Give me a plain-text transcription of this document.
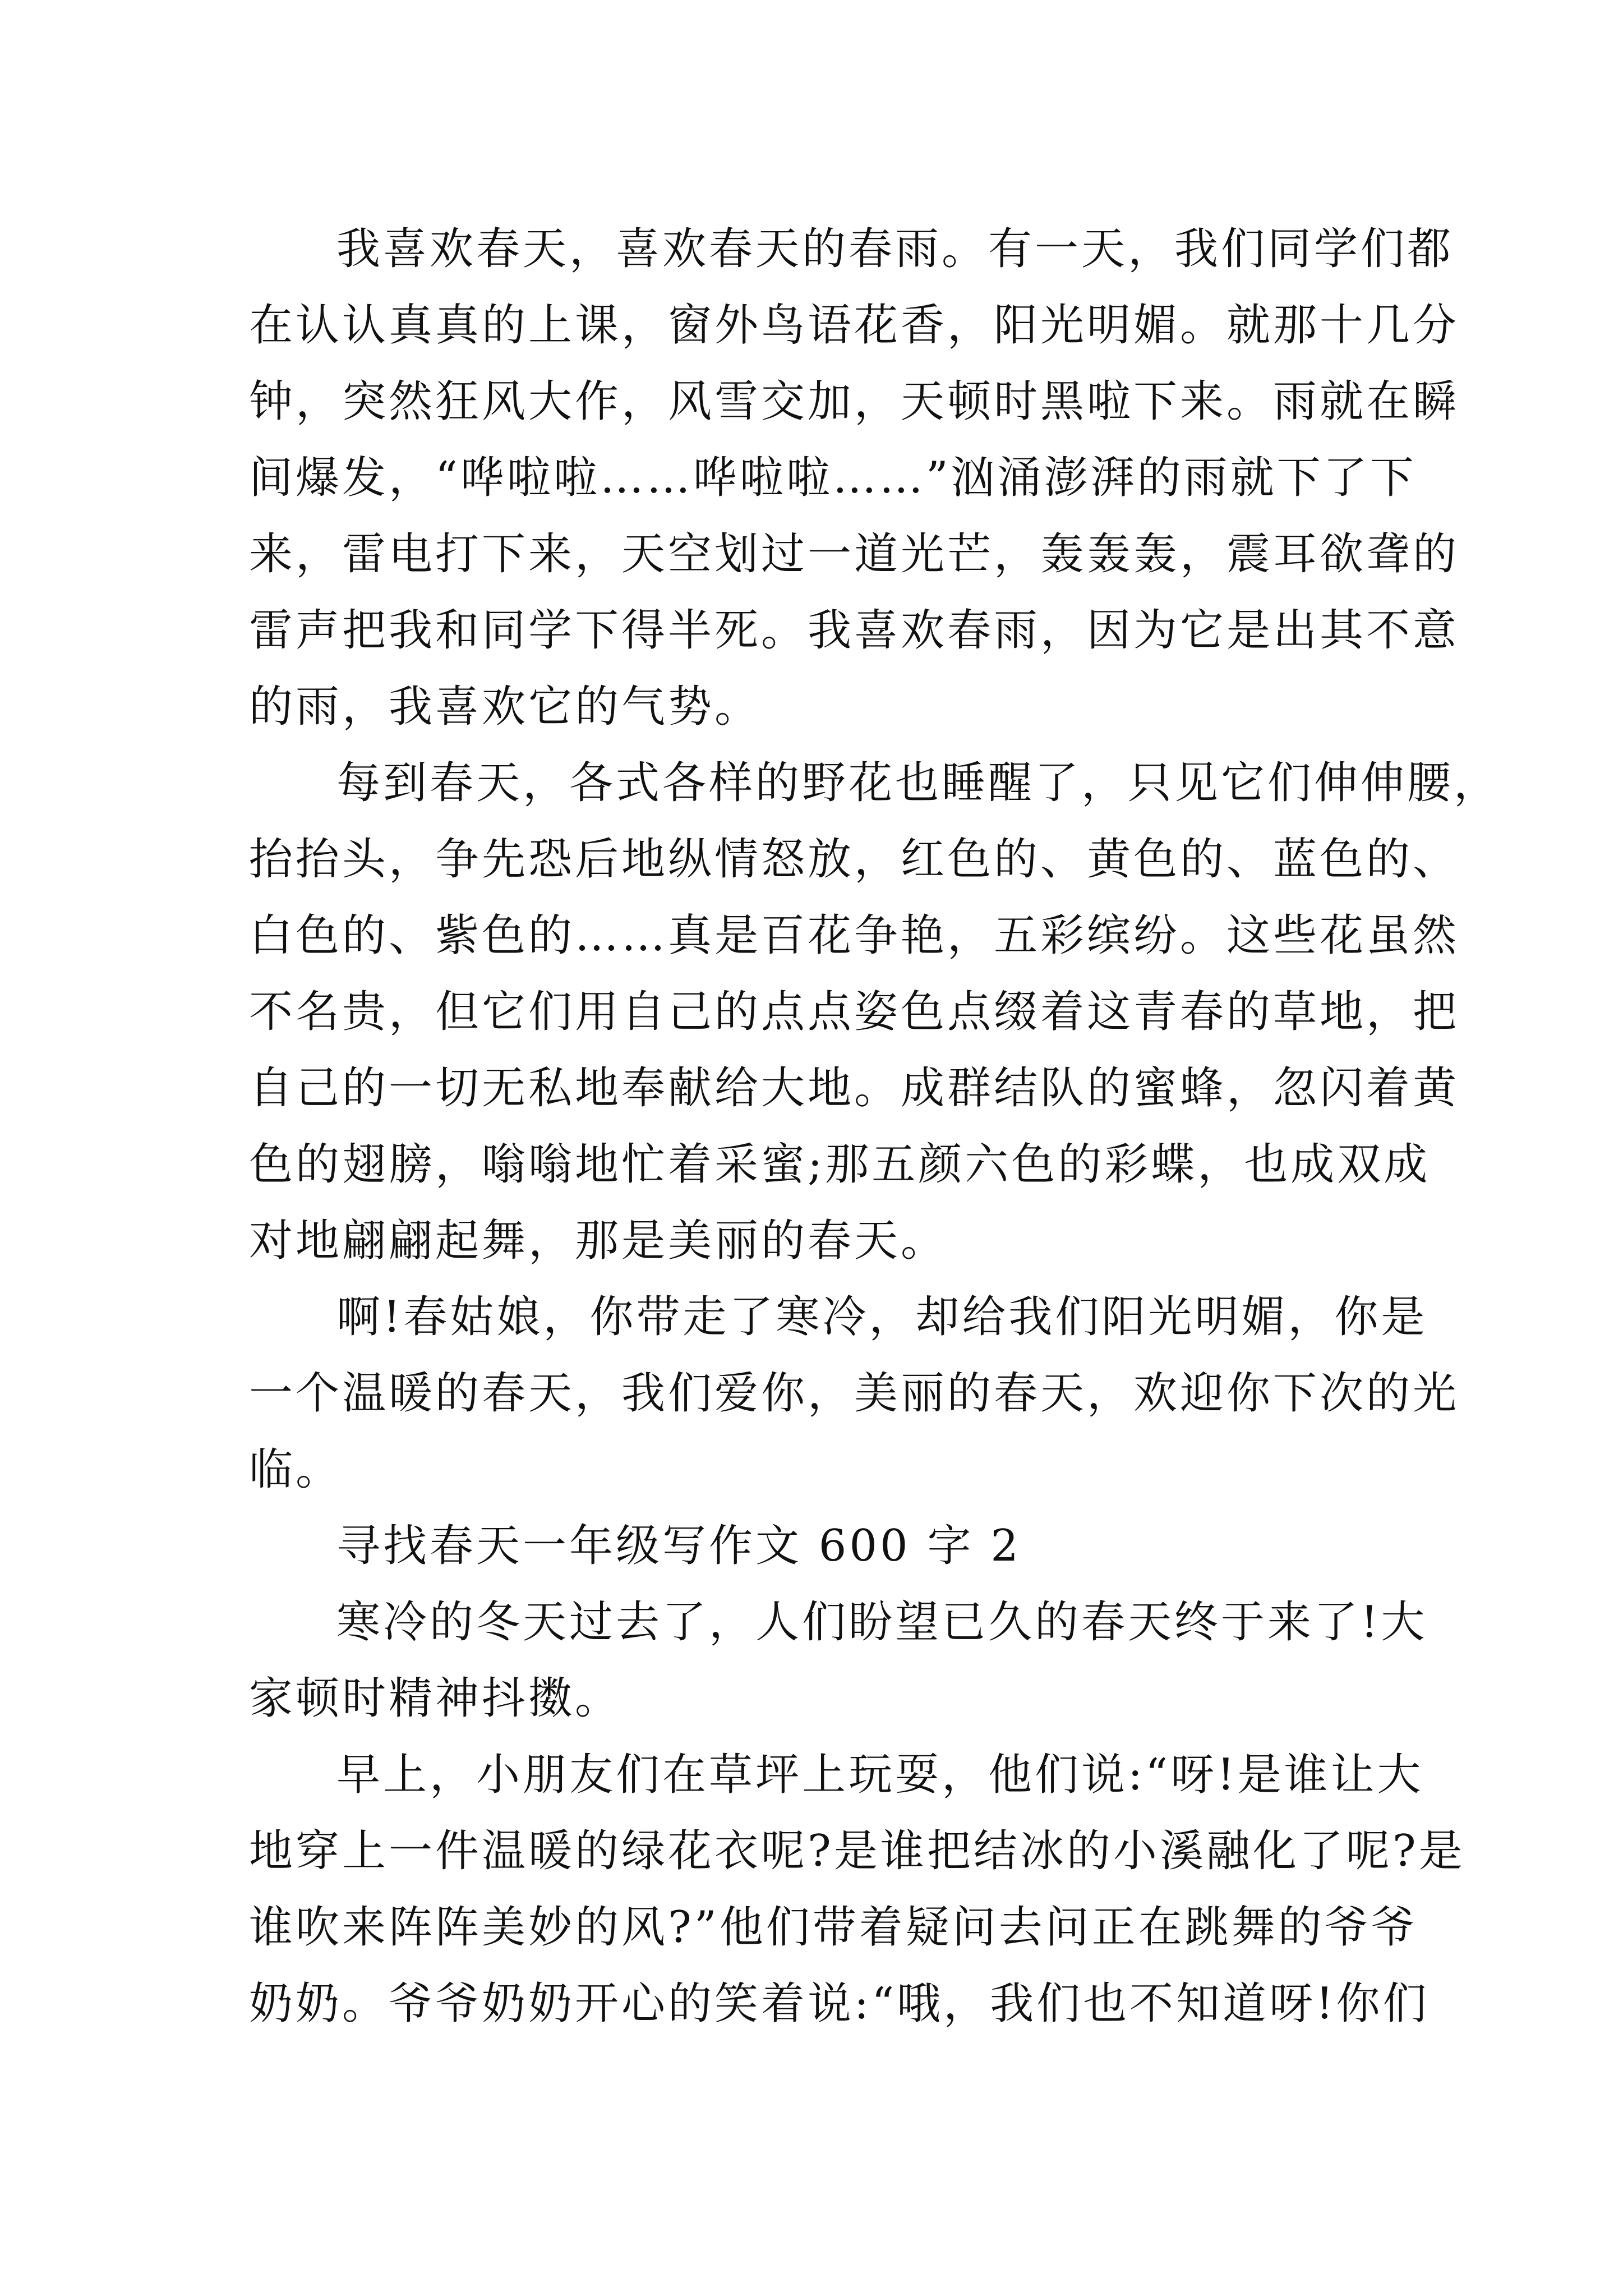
我喜欢春天，喜欢春天的春雨。有一天，我们同学们都
在认认真真的上课，窗外鸟语花香，阳光明媚。就那十几分
钟，突然狂风大作，风雪交加，天顿时黑啦下来。雨就在瞬
间爆发，“哗啦啦……哗啦啦……”汹涌澎湃的雨就下了下
来，雷电打下来，天空划过一道光芒，轰轰轰，震耳欲聋的
雷声把我和同学下得半死。我喜欢春雨，因为它是出其不意
的雨，我喜欢它的气势。
每到春天，各式各样的野花也睡醒了，只见它们伸伸腰，
抬抬头，争先恐后地纵情怒放，红色的、黄色的、蓝色的、
白色的、紫色的……真是百花争艳，五彩缤纷。这些花虽然
不名贵，但它们用自己的点点姿色点缀着这青春的草地，把
自己的一切无私地奉献给大地。成群结队的蜜蜂，忽闪着黄
色的翅膀，嗡嗡地忙着采蜜;那五颜六色的彩蝶，也成双成
对地翩翩起舞，那是美丽的春天。
啊!春姑娘，你带走了寒冷，却给我们阳光明媚，你是
一个温暖的春天，我们爱你，美丽的春天，欢迎你下次的光
临。
寻找春天一年级写作文 600 字 2
寒冷的冬天过去了，人们盼望已久的春天终于来了!大
家顿时精神抖擞。
早上，小朋友们在草坪上玩耍，他们说:“呀!是谁让大
地穿上一件温暖的绿花衣呢?是谁把结冰的小溪融化了呢?是
谁吹来阵阵美妙的风?”他们带着疑问去问正在跳舞的爷爷
奶奶。爷爷奶奶开心的笑着说:“哦，我们也不知道呀!你们
